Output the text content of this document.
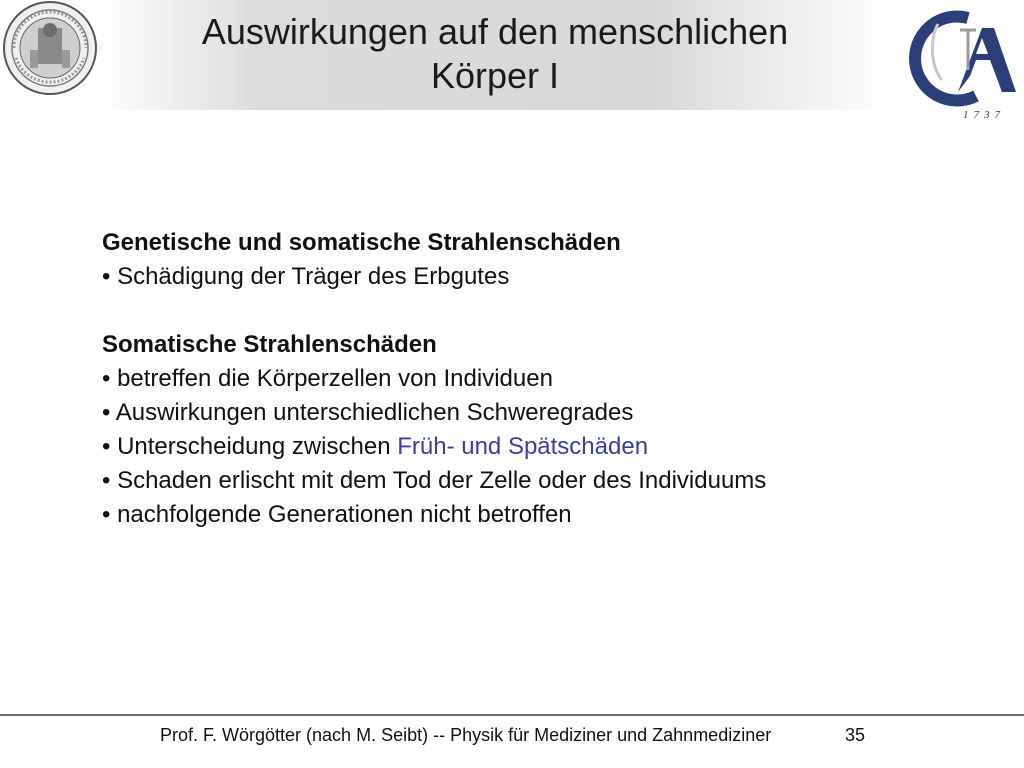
Auswirkungen auf den menschlichen
Körper I
1737
Genetische und somatische Strahlenschäden
• Schädigung der Träger des Erbgutes
Somatische Strahlenschäden
• betreffen die Körperzellen von Individuen
• Auswirkungen unterschiedlichen Schweregrades
• Unterscheidung zwischen Früh- und Spätschäden
• Schaden erlischt mit dem Tod der Zelle oder des Individuums
• nachfolgende Generationen nicht betroffen
Prof. F. Wörgötter (nach M. Seibt) -- Physik für Mediziner und Zahnmediziner	35
